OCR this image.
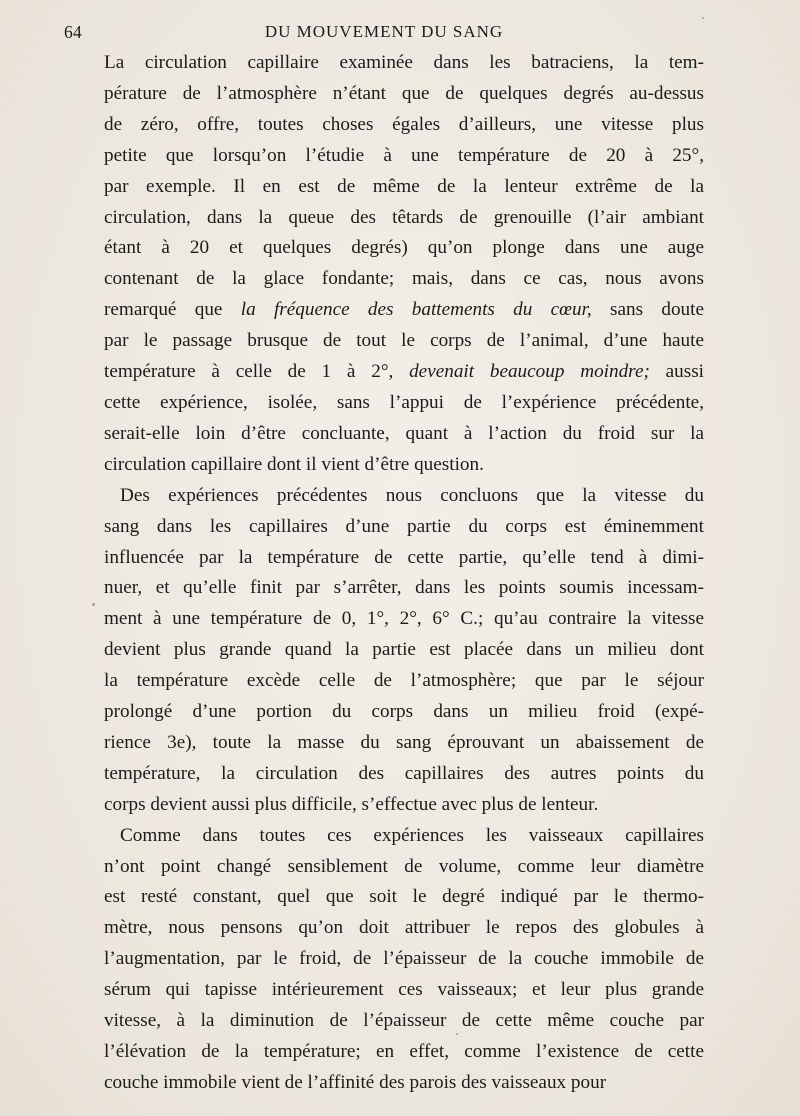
64	DU MOUVEMENT DU SANG

La circulation capillaire examinée dans les batraciens, la tem-
pérature de l’atmosphère n’étant que de quelques degrés au-dessus
de zéro, offre, toutes choses égales d’ailleurs, une vitesse plus
petite que lorsqu’on l’étudie à une température de 20 à 25°,
par exemple. Il en est de même de la lenteur extrême de la
circulation, dans la queue des têtards de grenouille (l’air ambiant
étant à 20 et quelques degrés) qu’on plonge dans une auge
contenant de la glace fondante; mais, dans ce cas, nous avons
remarqué que la fréquence des battements du cœur, sans doute
par le passage brusque de tout le corps de l’animal, d’une haute
température à celle de 1 à 2°, devenait beaucoup moindre; aussi
cette expérience, isolée, sans l’appui de l’expérience précédente,
serait-elle loin d’être concluante, quant à l’action du froid sur la
circulation capillaire dont il vient d’être question.
Des expériences précédentes nous concluons que la vitesse du
sang dans les capillaires d’une partie du corps est éminemment
influencée par la température de cette partie, qu’elle tend à dimi-
nuer, et qu’elle finit par s’arrêter, dans les points soumis incessam-
ment à une température de 0, 1°, 2°, 6° C.; qu’au contraire la vitesse
devient plus grande quand la partie est placée dans un milieu dont
la température excède celle de l’atmosphère; que par le séjour
prolongé d’une portion du corps dans un milieu froid (expé-
rience 3e), toute la masse du sang éprouvant un abaissement de
température, la circulation des capillaires des autres points du
corps devient aussi plus difficile, s’effectue avec plus de lenteur.
Comme dans toutes ces expériences les vaisseaux capillaires
n’ont point changé sensiblement de volume, comme leur diamètre
est resté constant, quel que soit le degré indiqué par le thermo-
mètre, nous pensons qu’on doit attribuer le repos des globules à
l’augmentation, par le froid, de l’épaisseur de la couche immobile de
sérum qui tapisse intérieurement ces vaisseaux; et leur plus grande
vitesse, à la diminution de l’épaisseur de cette même couche par
l’élévation de la température; en effet, comme l’existence de cette
couche immobile vient de l’affinité des parois des vaisseaux pour
